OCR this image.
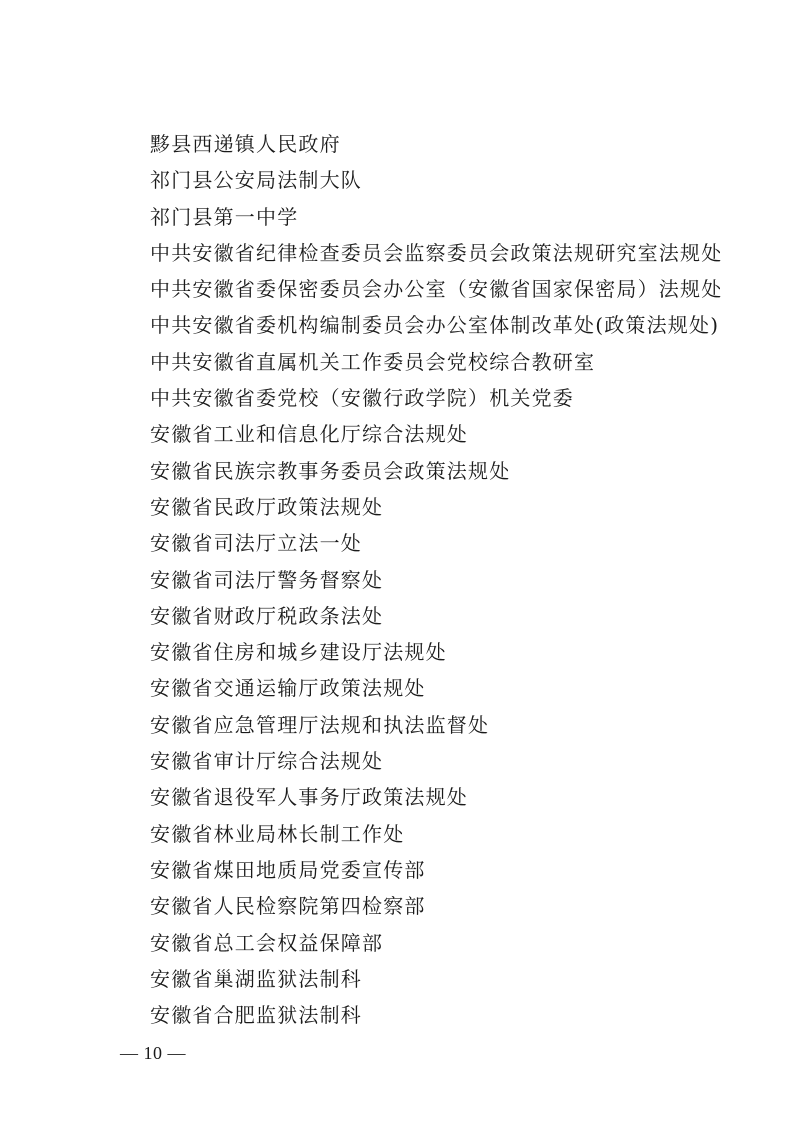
黟县西递镇人民政府
祁门县公安局法制大队
祁门县第一中学
中共安徽省纪律检查委员会监察委员会政策法规研究室法规处
中共安徽省委保密委员会办公室（安徽省国家保密局）法规处
中共安徽省委机构编制委员会办公室体制改革处(政策法规处)
中共安徽省直属机关工作委员会党校综合教研室
中共安徽省委党校（安徽行政学院）机关党委
安徽省工业和信息化厅综合法规处
安徽省民族宗教事务委员会政策法规处
安徽省民政厅政策法规处
安徽省司法厅立法一处
安徽省司法厅警务督察处
安徽省财政厅税政条法处
安徽省住房和城乡建设厅法规处
安徽省交通运输厅政策法规处
安徽省应急管理厅法规和执法监督处
安徽省审计厅综合法规处
安徽省退役军人事务厅政策法规处
安徽省林业局林长制工作处
安徽省煤田地质局党委宣传部
安徽省人民检察院第四检察部
安徽省总工会权益保障部
安徽省巢湖监狱法制科
安徽省合肥监狱法制科
— 10 —
